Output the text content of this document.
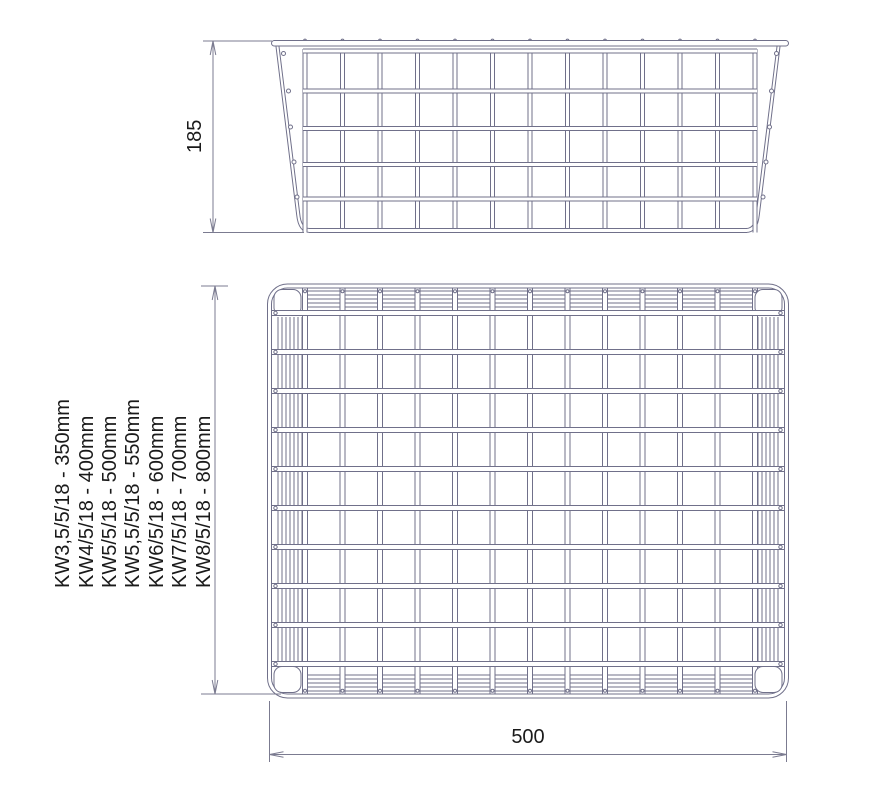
185
500
KW3,5/5/18 - 350mm KW4/5/18 - 400mm KW5/5/18 - 500mm KW5,5/5/18 - 550mm KW6/5/18 - 600mm KW7/5/18 - 700mm KW8/5/18 - 800mm
